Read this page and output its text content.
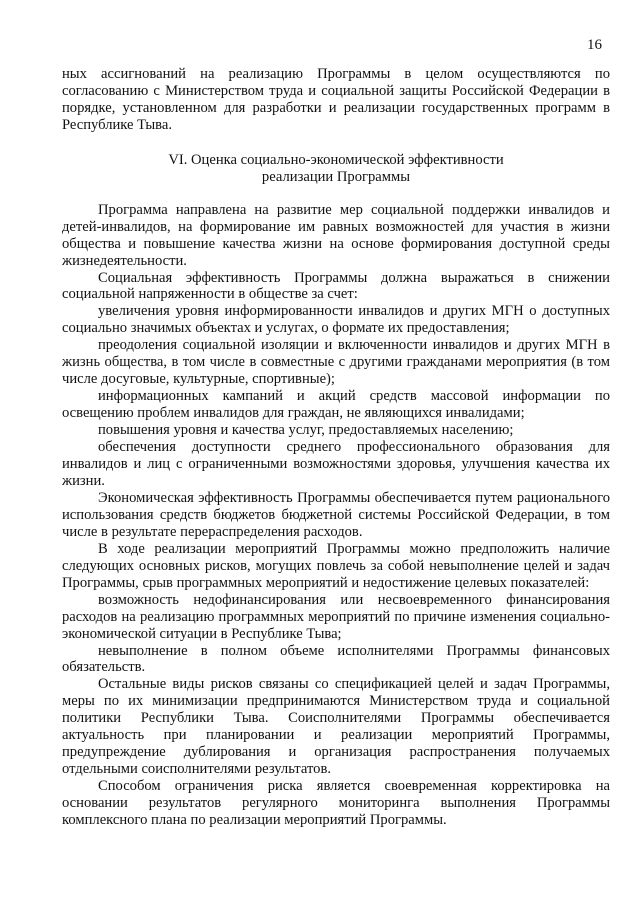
16

ных ассигнований на реализацию Программы в целом осуществляются по согласованию с Министерством труда и социальной защиты Российской Федерации в порядке, установленном для разработки и реализации государственных программ в Республике Тыва.

VI. Оценка социально-экономической эффективности
реализации Программы

Программа направлена на развитие мер социальной поддержки инвалидов и детей-инвалидов, на формирование им равных возможностей для участия в жизни общества и повышение качества жизни на основе формирования доступной среды жизнедеятельности.

Социальная эффективность Программы должна выражаться в снижении социальной напряженности в обществе за счет:

увеличения уровня информированности инвалидов и других МГН о доступных социально значимых объектах и услугах, о формате их предоставления;

преодоления социальной изоляции и включенности инвалидов и других МГН в жизнь общества, в том числе в совместные с другими гражданами мероприятия (в том числе досуговые, культурные, спортивные);

информационных кампаний и акций средств массовой информации по освещению проблем инвалидов для граждан, не являющихся инвалидами;

повышения уровня и качества услуг, предоставляемых населению;

обеспечения доступности среднего профессионального образования для инвалидов и лиц с ограниченными возможностями здоровья, улучшения качества их жизни.

Экономическая эффективность Программы обеспечивается путем рационального использования средств бюджетов бюджетной системы Российской Федерации, в том числе в результате перераспределения расходов.

В ходе реализации мероприятий Программы можно предположить наличие следующих основных рисков, могущих повлечь за собой невыполнение целей и задач Программы, срыв программных мероприятий и недостижение целевых показателей:

возможность недофинансирования или несвоевременного финансирования расходов на реализацию программных мероприятий по причине изменения социально-экономической ситуации в Республике Тыва;

невыполнение в полном объеме исполнителями Программы финансовых обязательств.

Остальные виды рисков связаны со спецификацией целей и задач Программы, меры по их минимизации предпринимаются Министерством труда и социальной политики Республики Тыва. Соисполнителями Программы обеспечивается актуальность при планировании и реализации мероприятий Программы, предупреждение дублирования и организация распространения получаемых отдельными соисполнителями результатов.

Способом ограничения риска является своевременная корректировка на основании результатов регулярного мониторинга выполнения Программы комплексного плана по реализации мероприятий Программы.
